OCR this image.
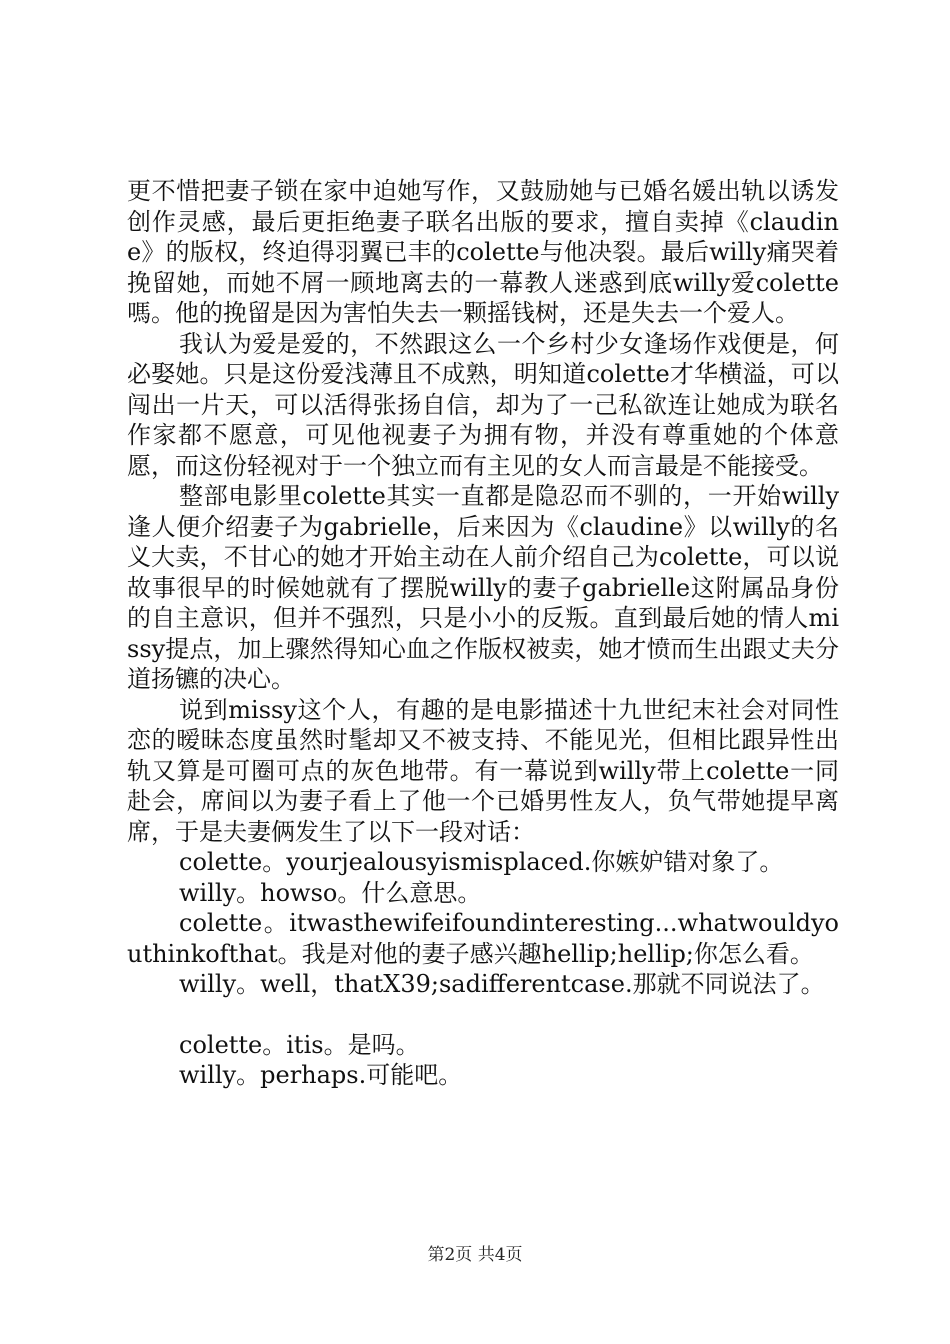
更不惜把妻子锁在家中迫她写作，又鼓励她与已婚名媛出轨以诱发创作灵感，最后更拒绝妻子联名出版的要求，擅自卖掉《claudine》的版权，终迫得羽翼已丰的colette与他决裂。最后willy痛哭着挽留她，而她不屑一顾地离去的一幕教人迷惑到底willy爱colette嗎。他的挽留是因为害怕失去一颗摇钱树，还是失去一个爱人。

我认为爱是爱的，不然跟这么一个乡村少女逢场作戏便是，何必娶她。只是这份爱浅薄且不成熟，明知道colette才华横溢，可以闯出一片天，可以活得张扬自信，却为了一己私欲连让她成为联名作家都不愿意，可见他视妻子为拥有物，并没有尊重她的个体意愿，而这份轻视对于一个独立而有主见的女人而言最是不能接受。

整部电影里colette其实一直都是隐忍而不驯的，一开始willy逢人便介绍妻子为gabrielle，后来因为《claudine》以willy的名义大卖，不甘心的她才开始主动在人前介绍自己为colette，可以说故事很早的时候她就有了摆脱willy的妻子gabrielle这附属品身份的自主意识，但并不强烈，只是小小的反叛。直到最后她的情人missy提点，加上骤然得知心血之作版权被卖，她才愤而生出跟丈夫分道扬镳的决心。

说到missy这个人，有趣的是电影描述十九世纪末社会对同性恋的暧昧态度虽然时髦却又不被支持、不能见光，但相比跟异性出轨又算是可圈可点的灰色地带。有一幕说到willy带上colette一同赴会，席间以为妻子看上了他一个已婚男性友人，负气带她提早离席，于是夫妻俩发生了以下一段对话：

colette。yourjealousyismisplaced.你嫉妒错对象了。

willy。howso。什么意思。

colette。itwasthewifeifoundinteresting...whatwouldyouthinkofthat。我是对他的妻子感兴趣hellip;hellip;你怎么看。

willy。well，thatX39;sadifferentcase.那就不同说法了。

colette。itis。是吗。

willy。perhaps.可能吧。

第2页 共4页
